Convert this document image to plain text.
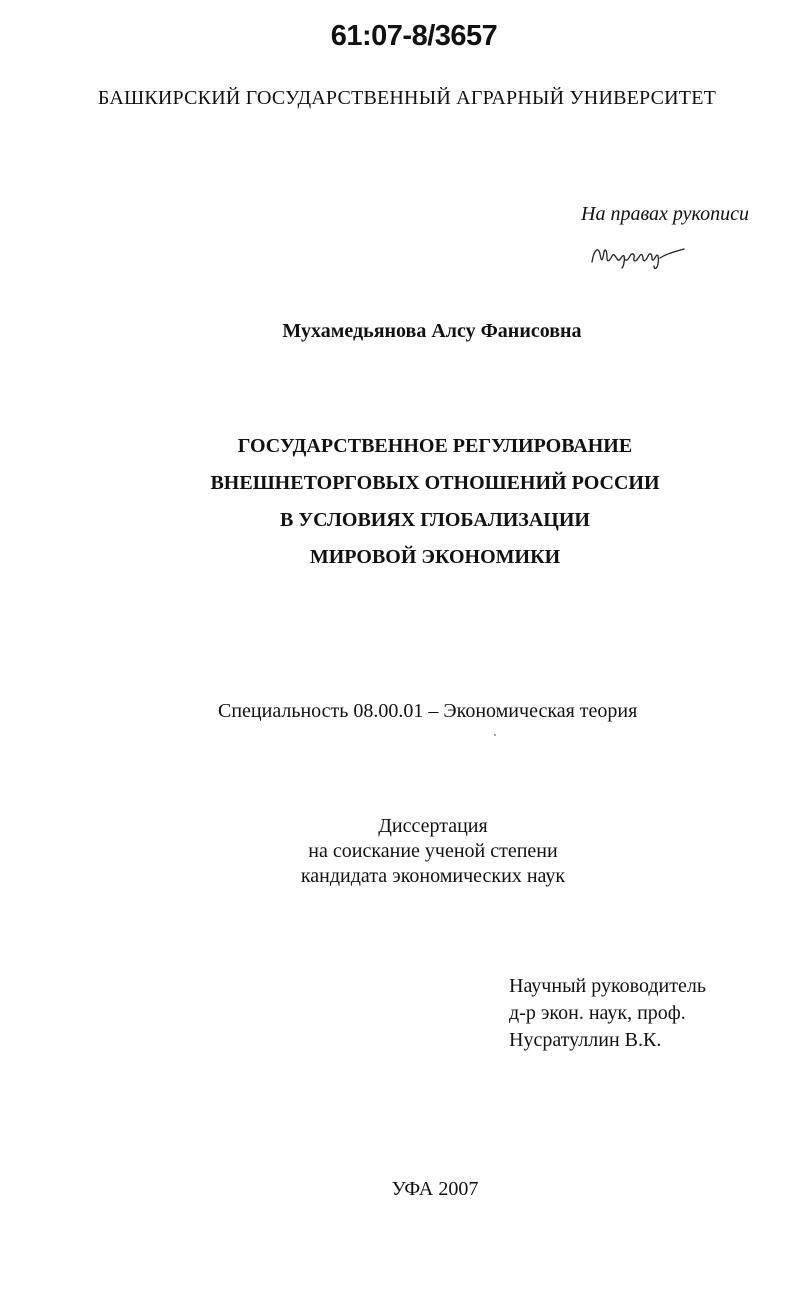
61:07-8/3657
БАШКИРСКИЙ ГОСУДАРСТВЕННЫЙ АГРАРНЫЙ УНИВЕРСИТЕТ
На правах рукописи
Мухамедьянова Алсу Фанисовна
ГОСУДАРСТВЕННОЕ РЕГУЛИРОВАНИЕ
ВНЕШНЕТОРГОВЫХ ОТНОШЕНИЙ РОССИИ
В УСЛОВИЯХ ГЛОБАЛИЗАЦИИ
МИРОВОЙ ЭКОНОМИКИ
Специальность 08.00.01 – Экономическая теория
Диссертация
на соискание ученой степени
кандидата экономических наук
Научный руководитель
д-р экон. наук, проф.
Нусратуллин В.К.
УФА 2007
